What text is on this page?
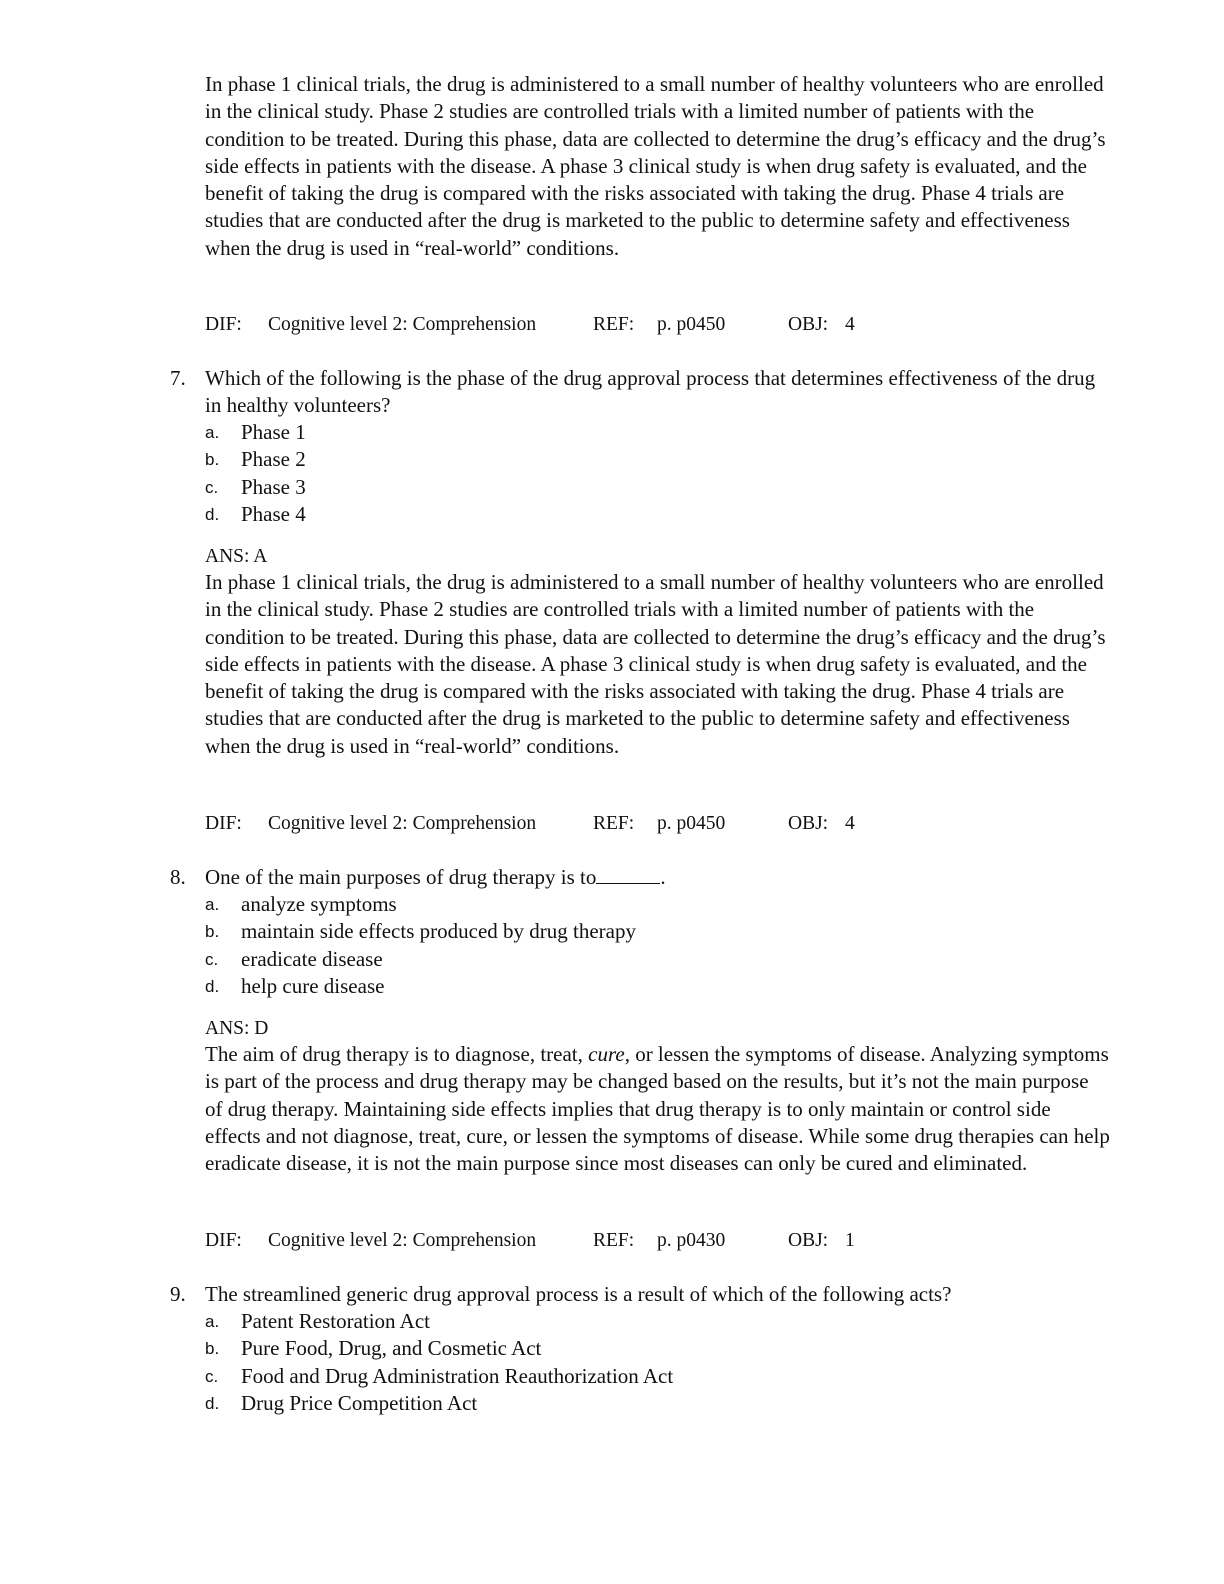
In phase 1 clinical trials, the drug is administered to a small number of healthy volunteers who are enrolled in the clinical study. Phase 2 studies are controlled trials with a limited number of patients with the condition to be treated. During this phase, data are collected to determine the drug’s efficacy and the drug’s side effects in patients with the disease. A phase 3 clinical study is when drug safety is evaluated, and the benefit of taking the drug is compared with the risks associated with taking the drug. Phase 4 trials are studies that are conducted after the drug is marketed to the public to determine safety and effectiveness when the drug is used in “real-world” conditions.

DIF: Cognitive level 2: Comprehension	REF: p. p0450	OBJ: 4
7. Which of the following is the phase of the drug approval process that determines effectiveness of the drug in healthy volunteers?
a. Phase 1
b. Phase 2
c. Phase 3
d. Phase 4
ANS: A

In phase 1 clinical trials, the drug is administered to a small number of healthy volunteers who are enrolled in the clinical study. Phase 2 studies are controlled trials with a limited number of patients with the condition to be treated. During this phase, data are collected to determine the drug’s efficacy and the drug’s side effects in patients with the disease. A phase 3 clinical study is when drug safety is evaluated, and the benefit of taking the drug is compared with the risks associated with taking the drug. Phase 4 trials are studies that are conducted after the drug is marketed to the public to determine safety and effectiveness when the drug is used in “real-world” conditions.

DIF: Cognitive level 2: Comprehension	REF: p. p0450	OBJ: 4
8. One of the main purposes of drug therapy is to	.
a. analyze symptoms
b. maintain side effects produced by drug therapy
c. eradicate disease
d. help cure disease
ANS: D

The aim of drug therapy is to diagnose, treat, cure, or lessen the symptoms of disease. Analyzing symptoms is part of the process and drug therapy may be changed based on the results, but it’s not the main purpose of drug therapy. Maintaining side effects implies that drug therapy is to only maintain or control side effects and not diagnose, treat, cure, or lessen the symptoms of disease. While some drug therapies can help eradicate disease, it is not the main purpose since most diseases can only be cured and eliminated.

DIF: Cognitive level 2: Comprehension	REF: p. p0430	OBJ: 1
9. The streamlined generic drug approval process is a result of which of the following acts?
a. Patent Restoration Act
b. Pure Food, Drug, and Cosmetic Act
c. Food and Drug Administration Reauthorization Act
d. Drug Price Competition Act
